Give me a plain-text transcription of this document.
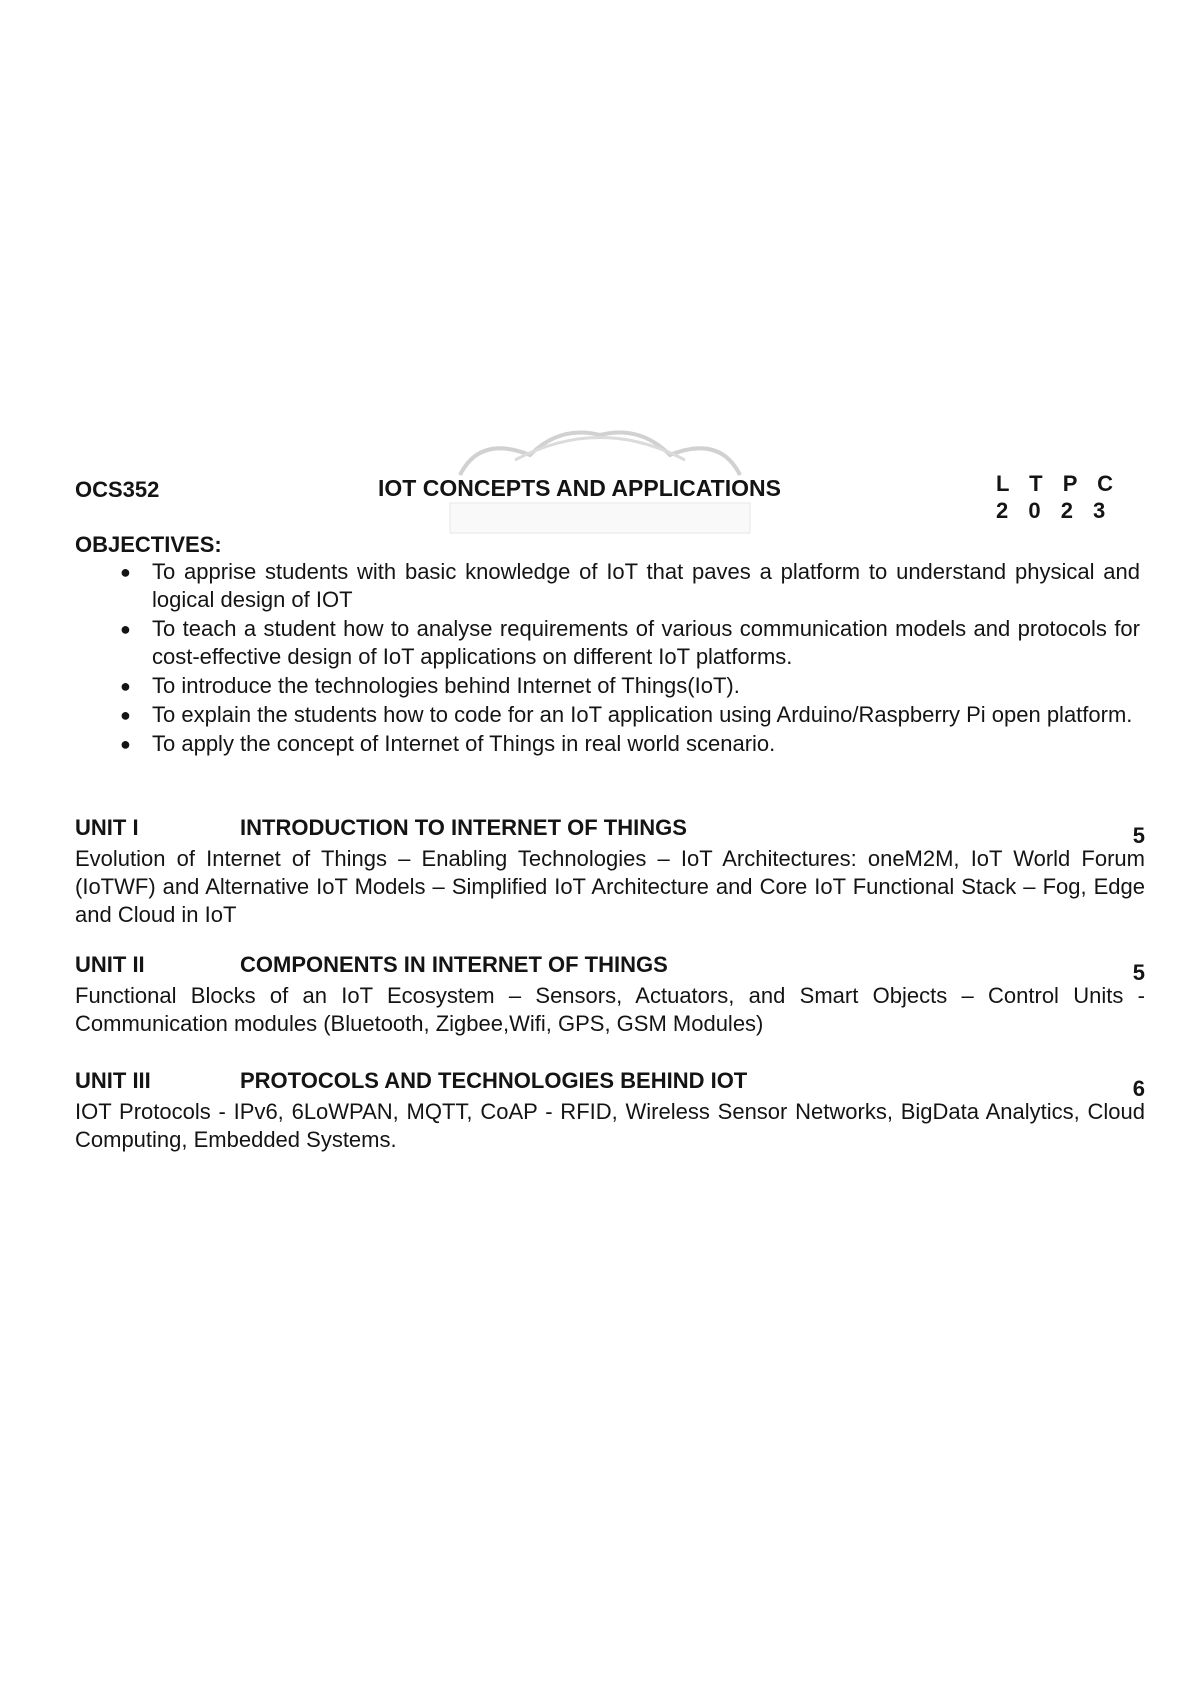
OCS352	IOT CONCEPTS AND APPLICATIONS	L T P C
2 0 2 3
OBJECTIVES:
● To apprise students with basic knowledge of IoT that paves a platform to understand physical and logical design of IOT
● To teach a student how to analyse requirements of various communication models and protocols for cost-effective design of IoT applications on different IoT platforms.
● To introduce the technologies behind Internet of Things(IoT).
● To explain the students how to code for an IoT application using Arduino/Raspberry Pi open platform.
● To apply the concept of Internet of Things in real world scenario.
UNIT I	INTRODUCTION TO INTERNET OF THINGS	5
Evolution of Internet of Things – Enabling Technologies – IoT Architectures: oneM2M, IoT World Forum (IoTWF) and Alternative IoT Models – Simplified IoT Architecture and Core IoT Functional Stack – Fog, Edge and Cloud in IoT
UNIT II	COMPONENTS IN INTERNET OF THINGS	5
Functional Blocks of an IoT Ecosystem – Sensors, Actuators, and Smart Objects – Control Units - Communication modules (Bluetooth, Zigbee,Wifi, GPS, GSM Modules)
UNIT III	PROTOCOLS AND TECHNOLOGIES BEHIND IOT	6
IOT Protocols - IPv6, 6LoWPAN, MQTT, CoAP - RFID, Wireless Sensor Networks, BigData Analytics, Cloud Computing, Embedded Systems.
